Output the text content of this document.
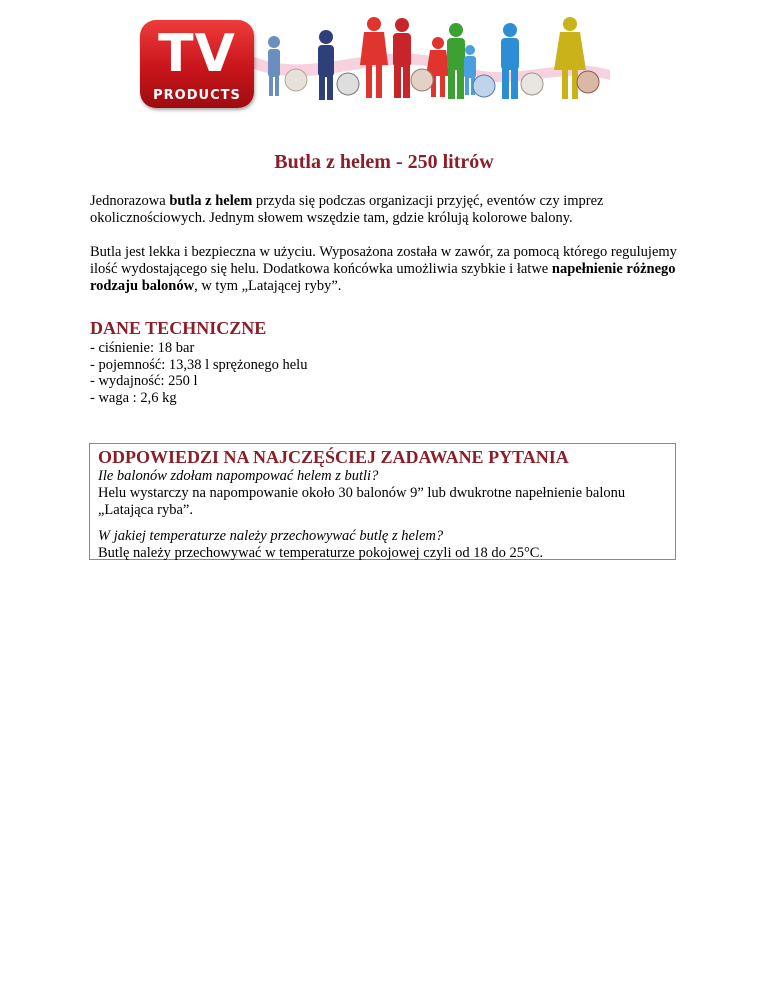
TV
PRODUCTS
Butla z helem - 250 litrów

Jednorazowa butla z helem przyda się podczas organizacji przyjęć, eventów czy imprez okolicznościowych. Jednym słowem wszędzie tam, gdzie królują kolorowe balony.

Butla jest lekka i bezpieczna w użyciu. Wyposażona została w zawór, za pomocą którego regulujemy ilość wydostającego się helu. Dodatkowa końcówka umożliwia szybkie i łatwe napełnienie różnego rodzaju balonów, w tym „Latającej ryby”.

DANE TECHNICZNE
- ciśnienie: 18 bar
- pojemność: 13,38 l sprężonego helu
- wydajność: 250 l
- waga : 2,6 kg
ODPOWIEDZI NA NAJCZĘŚCIEJ ZADAWANE PYTANIA

Ile balonów zdołam napompować helem z butli?

Helu wystarczy na napompowanie około 30 balonów 9” lub dwukrotne napełnienie balonu „Latająca ryba”.

W jakiej temperaturze należy przechowywać butlę z helem?

Butlę należy przechowywać w temperaturze pokojowej czyli od 18 do 25°C.
